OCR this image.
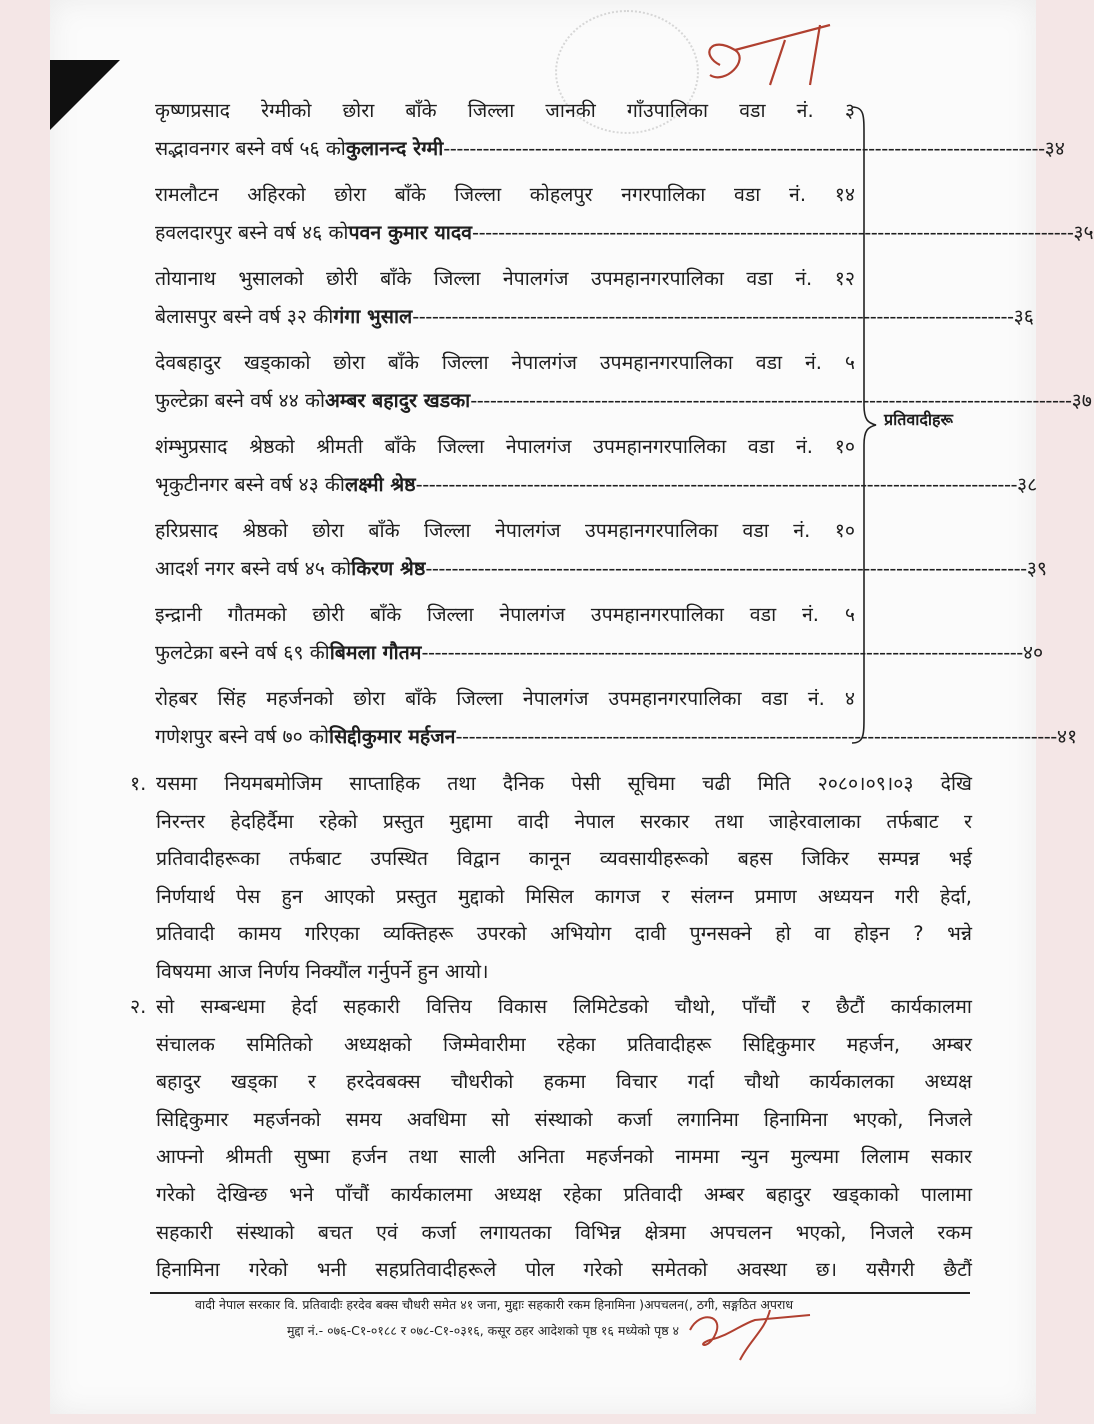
कृष्णप्रसाद रेग्मीको छोरा बाँके जिल्ला जानकी गाँउपालिका वडा नं. ३
सद्भावनगर बस्ने वर्ष ५६ को कुलानन्द रेग्मी -------------------------------------------------------------------------------------------- ३४
रामलौटन अहिरको छोरा बाँके जिल्ला कोहलपुर नगरपालिका वडा नं. १४
हवलदारपुर बस्ने वर्ष ४६ को पवन कुमार यादव -------------------------------------------------------------------------------------------- ३५
तोयानाथ भुसालको छोरी बाँके जिल्ला नेपालगंज उपमहानगरपालिका वडा नं. १२
बेलासपुर बस्ने वर्ष ३२ की गंगा भुसाल -------------------------------------------------------------------------------------------- ३६
देवबहादुर खड्काको छोरा बाँके जिल्ला नेपालगंज उपमहानगरपालिका वडा नं. ५
फुल्टेक्रा बस्ने वर्ष ४४ को अम्बर बहादुर खडका -------------------------------------------------------------------------------------------- ३७
शंम्भुप्रसाद श्रेष्ठको श्रीमती बाँके जिल्ला नेपालगंज उपमहानगरपालिका वडा नं. १०
भृकुटीनगर बस्ने वर्ष ४३ की लक्ष्मी श्रेष्ठ -------------------------------------------------------------------------------------------- ३८
हरिप्रसाद श्रेष्ठको छोरा बाँके जिल्ला नेपालगंज उपमहानगरपालिका वडा नं. १०
आदर्श नगर बस्ने वर्ष ४५ को किरण श्रेष्ठ -------------------------------------------------------------------------------------------- ३९
इन्द्रानी गौतमको छोरी बाँके जिल्ला नेपालगंज उपमहानगरपालिका वडा नं. ५
फुलटेक्रा बस्ने वर्ष ६९ की बिमला गौतम -------------------------------------------------------------------------------------------- ४०
रोहबर सिंह महर्जनको छोरा बाँके जिल्ला नेपालगंज उपमहानगरपालिका वडा नं. ४
गणेशपुर बस्ने वर्ष ७० को सिद्दीकुमार मर्हजन -------------------------------------------------------------------------------------------- ४१
प्रतिवादीहरू
१. यसमा नियमबमोजिम साप्ताहिक तथा दैनिक पेसी सूचिमा चढी मिति २०८०।०९।०३ देखि
निरन्तर हेदहिर्दैमा रहेको प्रस्तुत मुद्दामा वादी नेपाल सरकार तथा जाहेरवालाका तर्फबाट र
प्रतिवादीहरूका तर्फबाट उपस्थित विद्वान कानून व्यवसायीहरूको बहस जिकिर सम्पन्न भई
निर्णयार्थ पेस हुन आएको प्रस्तुत मुद्दाको मिसिल कागज र संलग्न प्रमाण अध्ययन गरी हेर्दा,
प्रतिवादी कामय गरिएका व्यक्तिहरू उपरको अभियोग दावी पुग्नसक्ने हो वा होइन ? भन्ने
विषयमा आज निर्णय निक्यौंल गर्नुपर्ने हुन आयो।
२. सो सम्बन्धमा हेर्दा सहकारी वित्तिय विकास लिमिटेडको चौथो, पाँचौं र छैटौं कार्यकालमा
संचालक समितिको अध्यक्षको जिम्मेवारीमा रहेका प्रतिवादीहरू सिद्दिकुमार महर्जन, अम्बर
बहादुर खड्का र हरदेवबक्स चौधरीको हकमा विचार गर्दा चौथो कार्यकालका अध्यक्ष
सिद्दिकुमार महर्जनको समय अवधिमा सो संस्थाको कर्जा लगानिमा हिनामिना भएको, निजले
आफ्नो श्रीमती सुष्मा हर्जन तथा साली अनिता महर्जनको नाममा न्युन मुल्यमा लिलाम सकार
गरेको देखिन्छ भने पाँचौं कार्यकालमा अध्यक्ष रहेका प्रतिवादी अम्बर बहादुर खड्काको पालामा
सहकारी संस्थाको बचत एवं कर्जा लगायतका विभिन्न क्षेत्रमा अपचलन भएको, निजले रकम
हिनामिना गरेको भनी सहप्रतिवादीहरूले पोल गरेको समेतको अवस्था छ। यसैगरी छैटौं
वादी नेपाल सरकार वि. प्रतिवादीः हरदेव बक्स चौधरी समेत ४१ जना, मुद्दाः सहकारी रकम हिनामिना )अपचलन(, ठगी, सङ्गठित अपराध
मुद्दा नं.- ०७६-C१-०१८८ र ०७८-C१-०३१६, कसूर ठहर आदेशको पृष्ठ १६ मध्येको पृष्ठ ४
